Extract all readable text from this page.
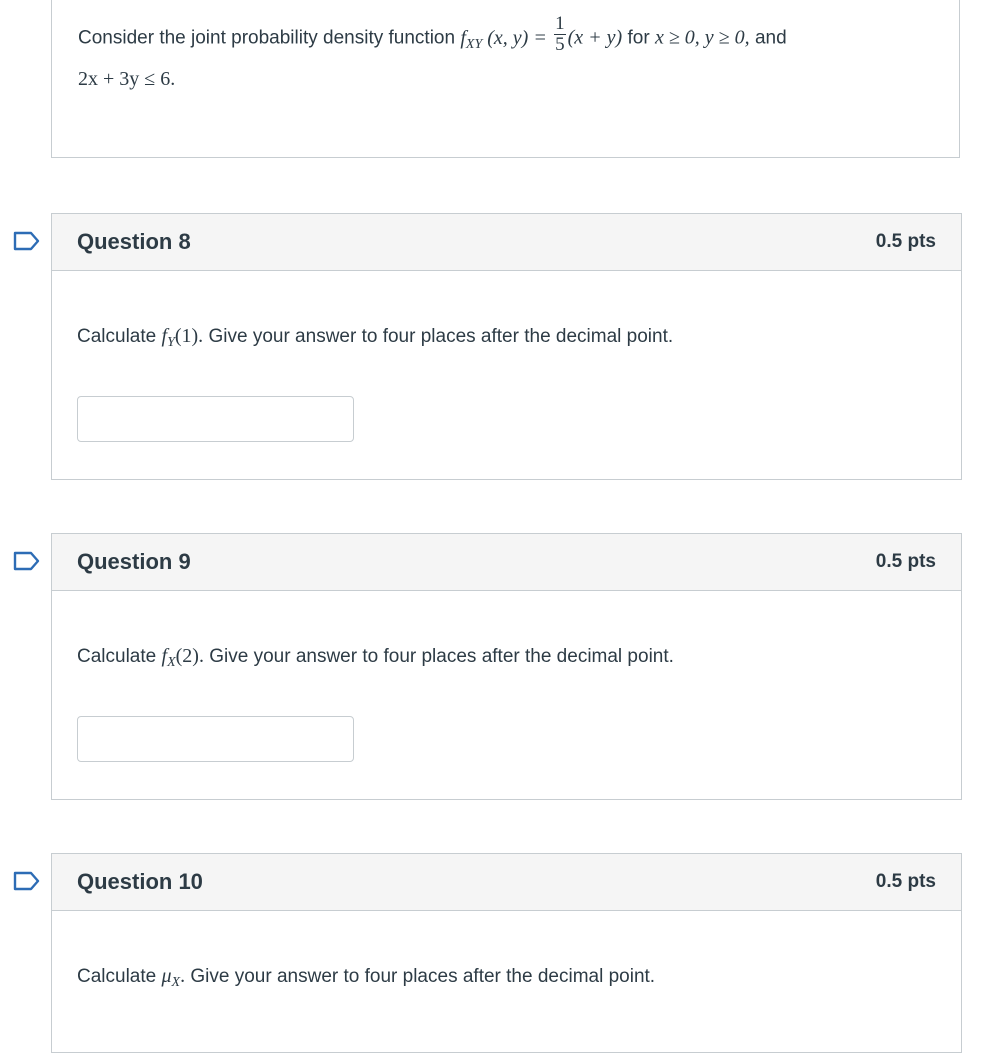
Consider the joint probability density function $f_{XY}$ (x, $y) = \frac{1}{5} (x + y)$ for x ≥ 0, y ≥ 0, and
2x + 3y ≤ 6.
Question 8	0.5 pts
Calculate $f_Y(1)$. Give your answer to four places after the decimal point.
Question 9	0.5 pts
Calculate $f_X(2)$. Give your answer to four places after the decimal point.
Question 10	0.5 pts
Calculate $\mu_X$. Give your answer to four places after the decimal point.
